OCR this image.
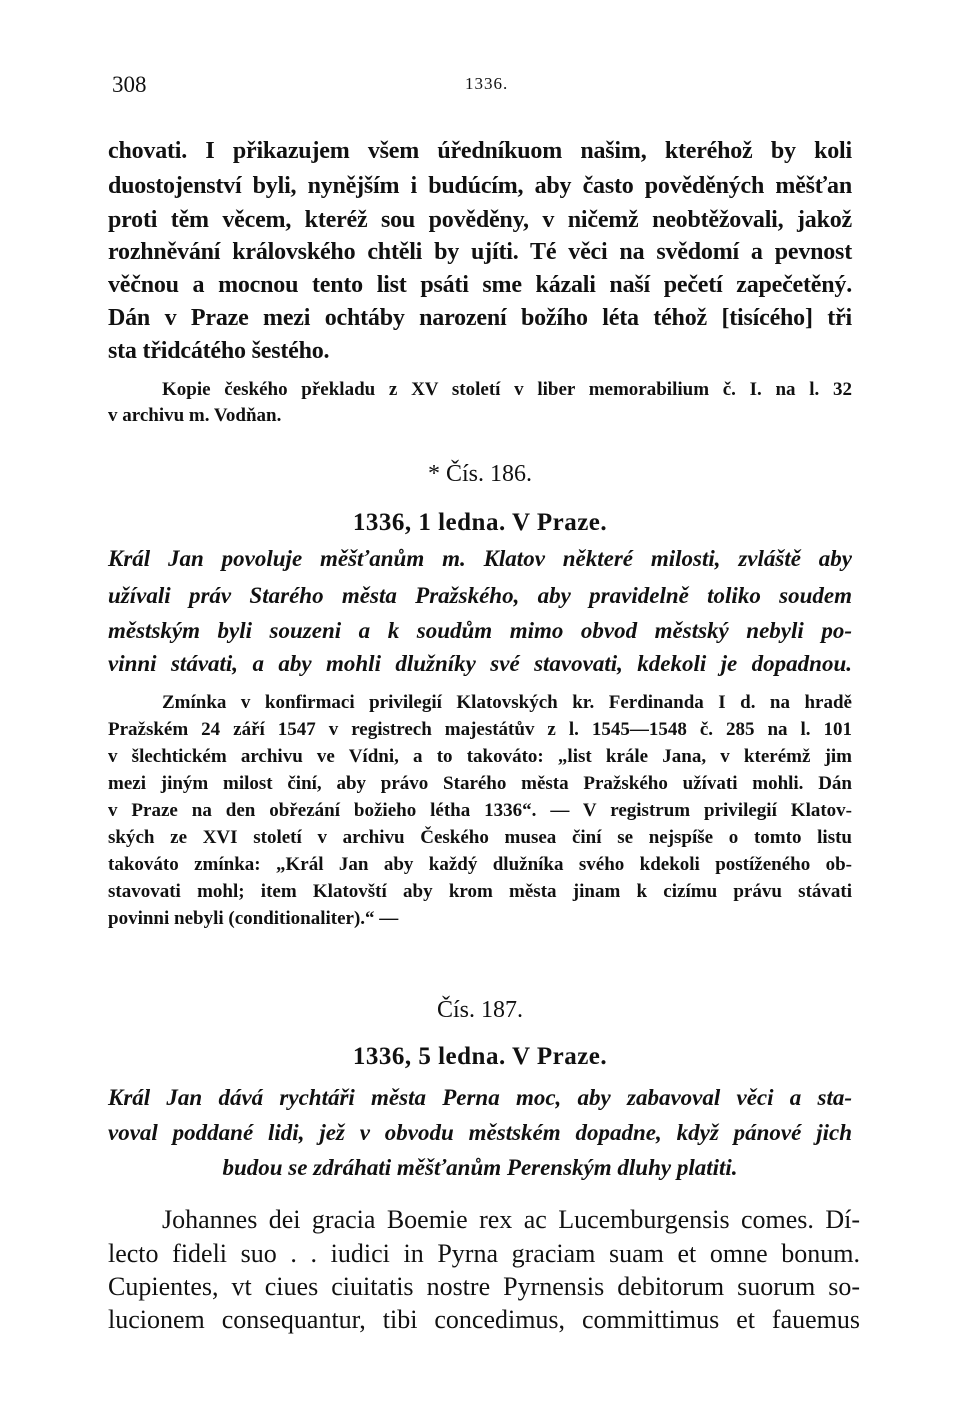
308	1336.
chovati. I přikazujem všem úředníkuom našim, kteréhož by koli
duostojenství byli, nynějším i budúcím, aby často pověděných měšťan
proti těm věcem, kteréž sou pověděny, v ničemž neobtěžovali, jakož
rozhněvání královského chtěli by ujíti. Té věci na svědomí a pevnost
věčnou a mocnou tento list psáti sme kázali naší pečetí zapečetěný.
Dán v Praze mezi ochtáby narození božího léta téhož [tisícého] tři
sta třidcátého šestého.
Kopie českého překladu z XV století v liber memorabilium č. I. na l. 32
v archivu m. Vodňan.
* Čís. 186.
1336, 1 ledna. V Praze.
Král Jan povoluje měšťanům m. Klatov některé milosti, zvláště aby
užívali práv Starého města Pražského, aby pravidelně toliko soudem
městským byli souzeni a k soudům mimo obvod městský nebyli po-
vinni stávati, a aby mohli dlužníky své stavovati, kdekoli je dopadnou.
Zmínka v konfirmaci privilegií Klatovských kr. Ferdinanda I d. na hradě
Pražském 24 září 1547 v registrech majestátův z l. 1545—1548 č. 285 na l. 101
v šlechtickém archivu ve Vídni, a to takováto: „list krále Jana, v kterémž jim
mezi jiným milost činí, aby právo Starého města Pražského užívati mohli. Dán
v Praze na den obřezání božieho létha 1336“. — V registrum privilegií Klatov-
ských ze XVI století v archivu Českého musea činí se nejspíše o tomto listu
takováto zmínka: „Král Jan aby každý dlužníka svého kdekoli postíženého ob-
stavovati mohl; item Klatovští aby krom města jinam k cizímu právu stávati
povinni nebyli (conditionaliter).“ —
Čís. 187.
1336, 5 ledna. V Praze.
Král Jan dává rychtáři města Perna moc, aby zabavoval věci a sta-
voval poddané lidi, jež v obvodu městském dopadne, když pánové jich
budou se zdráhati měšťanům Perenským dluhy platiti.
Johannes dei gracia Boemie rex ac Lucemburgensis comes. Dí-
lecto fideli suo . . iudici in Pyrna graciam suam et omne bonum.
Cupientes, vt ciues ciuitatis nostre Pyrnensis debitorum suorum so-
lucionem consequantur, tibi concedimus, committimus et fauemus
